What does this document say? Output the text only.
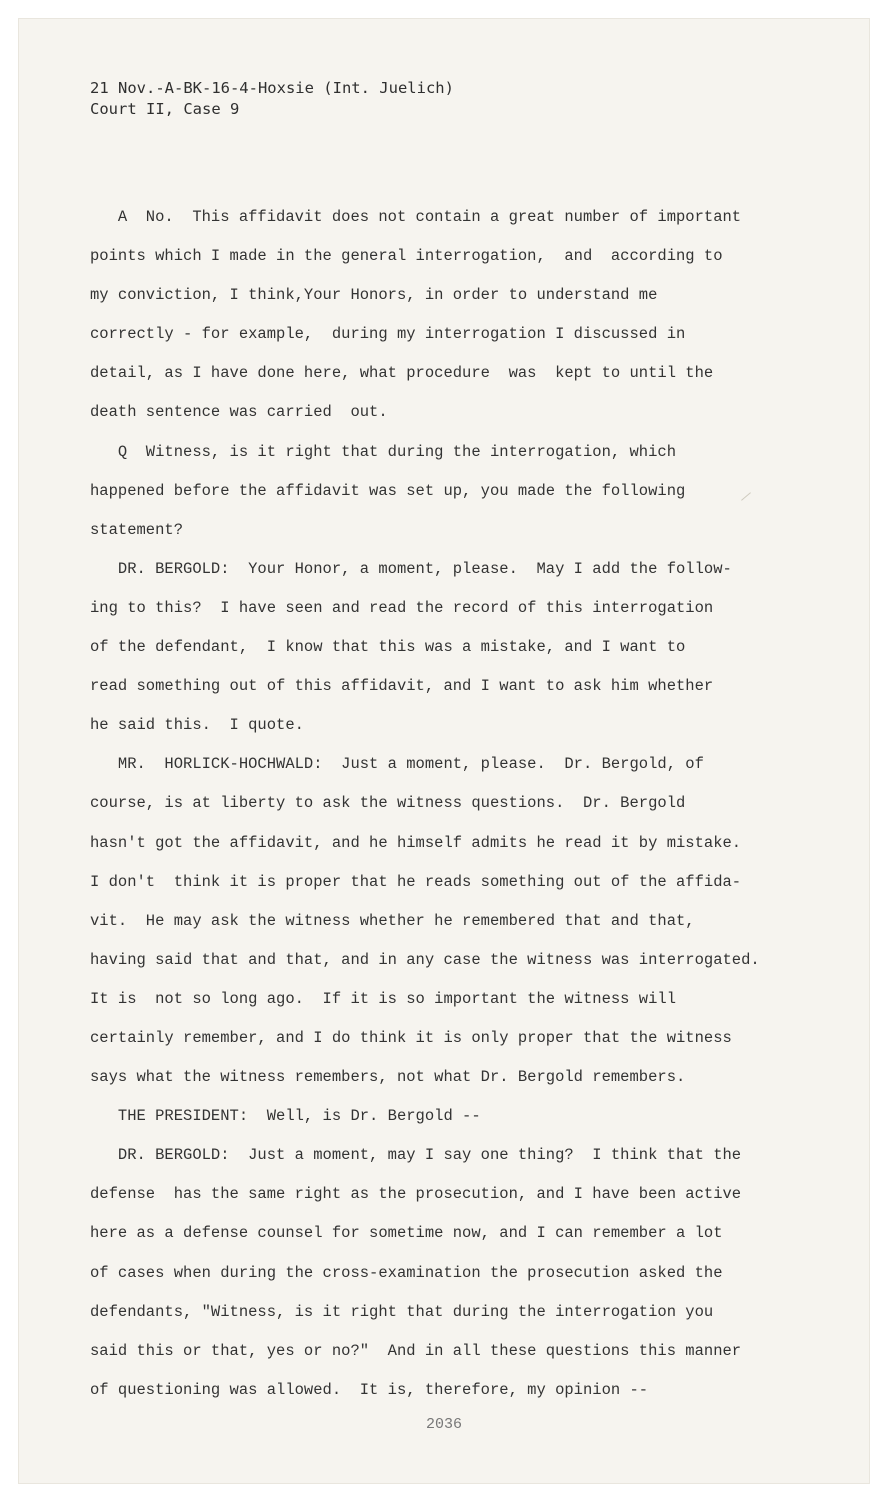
21 Nov.-A-BK-16-4-Hoxsie (Int. Juelich)
Court II, Case 9
A  No.  This affidavit does not contain a great number of important
points which I made in the general interrogation,  and  according to
my conviction, I think,Your Honors, in order to understand me
correctly - for example,  during my interrogation I discussed in
detail, as I have done here, what procedure  was  kept to until the
death sentence was carried  out.
Q  Witness, is it right that during the interrogation, which
happened before the affidavit was set up, you made the following
statement?
DR. BERGOLD:  Your Honor, a moment, please.  May I add the follow-
ing to this?  I have seen and read the record of this interrogation
of the defendant,  I know that this was a mistake, and I want to
read something out of this affidavit, and I want to ask him whether
he said this.  I quote.
MR.  HORLICK-HOCHWALD:  Just a moment, please.  Dr. Bergold, of
course, is at liberty to ask the witness questions.  Dr. Bergold
hasn't got the affidavit, and he himself admits he read it by mistake.
I don't  think it is proper that he reads something out of the affida-
vit.  He may ask the witness whether he remembered that and that,
having said that and that, and in any case the witness was interrogated.
It is  not so long ago.  If it is so important the witness will
certainly remember, and I do think it is only proper that the witness
says what the witness remembers, not what Dr. Bergold remembers.
THE PRESIDENT:  Well, is Dr. Bergold --
DR. BERGOLD:  Just a moment, may I say one thing?  I think that the
defense  has the same right as the prosecution, and I have been active
here as a defense counsel for sometime now, and I can remember a lot
of cases when during the cross-examination the prosecution asked the
defendants, "Witness, is it right that during the interrogation you
said this or that, yes or no?"  And in all these questions this manner
of questioning was allowed.  It is, therefore, my opinion --
2036
